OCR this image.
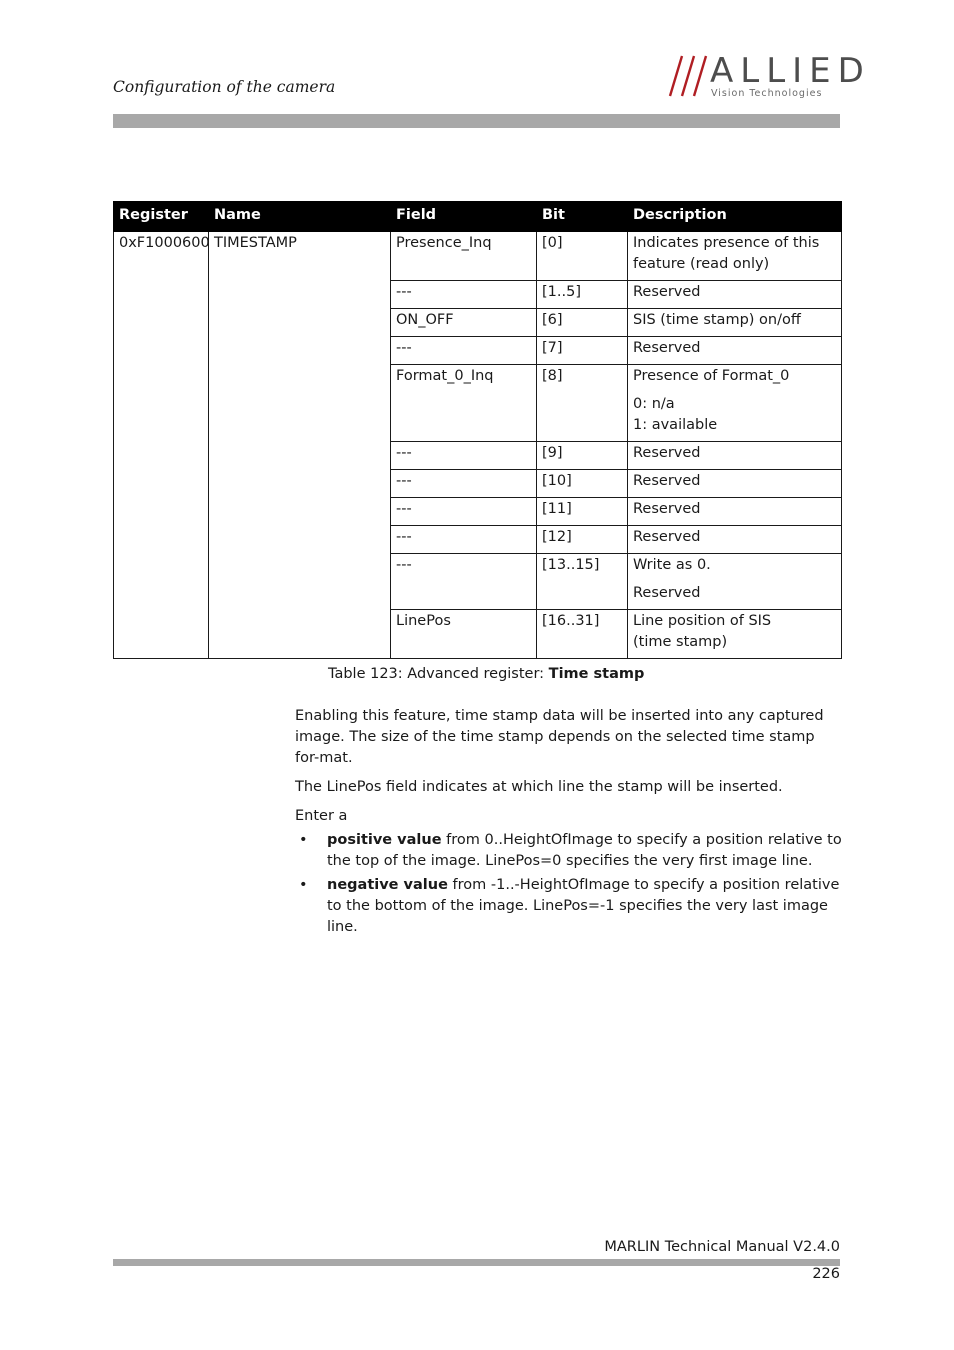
Configuration of the camera	ALLIED
Vision Technologies
Register	Name	Field	Bit	Description
0xF1000600	TIMESTAMP	Presence_Inq	[0]	Indicates presence of this feature (read only)

		---	[1..5]	Reserved

		ON_OFF	[6]	SIS (time stamp) on/off

		---	[7]	Reserved

		Format_0_Inq	[8]	Presence of Format_0

0: n/a
1: available

		---	[9]	Reserved

		---	[10]	Reserved

		---	[11]	Reserved

		---	[12]	Reserved

		---	[13..15]	Write as 0.

Reserved

		LinePos	[16..31]	Line position of SIS
(time stamp)

Table 123: Advanced register: Time stamp

Enabling this feature, time stamp data will be inserted into any captured image. The size of the time stamp depends on the selected time stamp for-mat.

The LinePos field indicates at which line the stamp will be inserted.

Enter a

• positive value from 0..HeightOfImage to specify a position relative to the top of the image. LinePos=0 specifies the very first image line.
• negative value from -1..-HeightOfImage to specify a position relative to the bottom of the image. LinePos=-1 specifies the very last image line.
MARLIN Technical Manual V2.4.0
226
